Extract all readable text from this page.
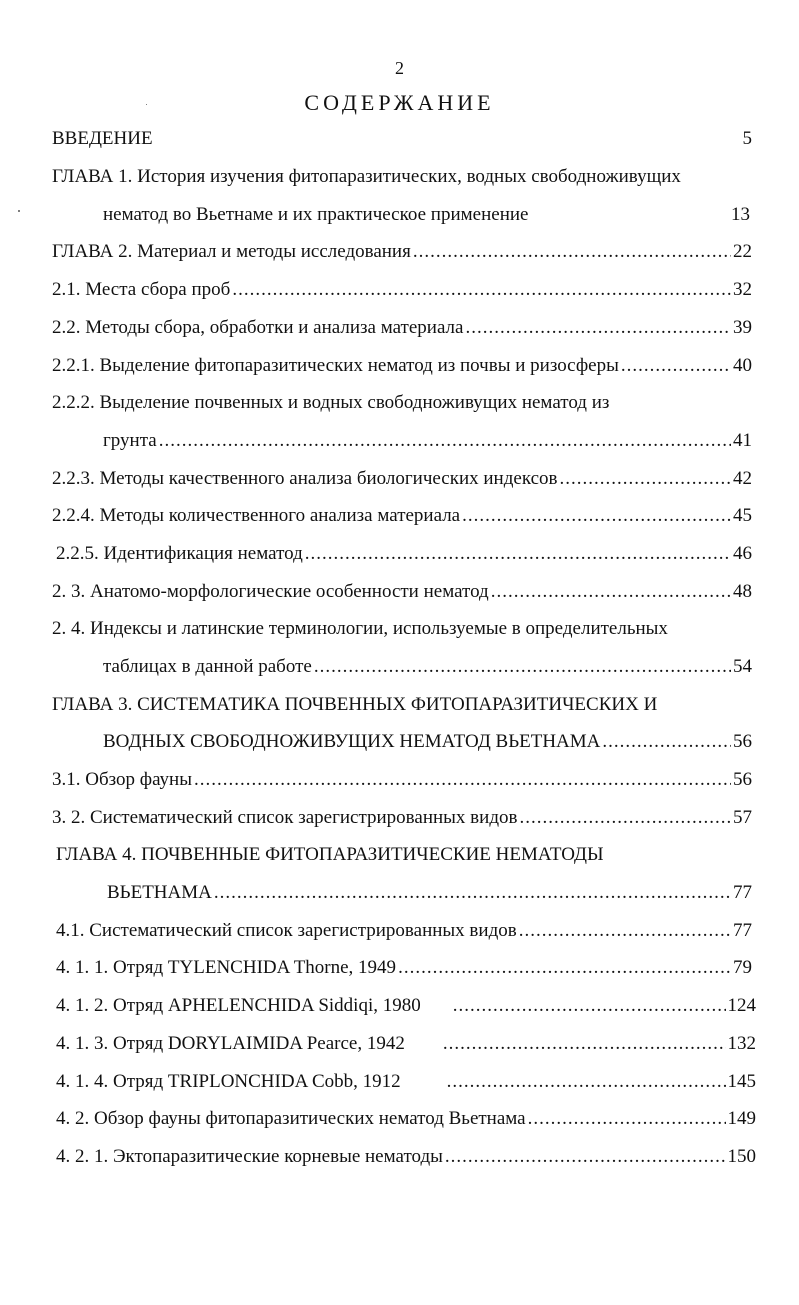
2
СОДЕРЖАНИЕ
ВВЕДЕНИЕ	5
ГЛАВА 1. История изучения фитопаразитических, водных свободноживущих
нематод во Вьетнаме и их практическое применение	13
ГЛАВА 2. Материал и методы исследования .....	22
2.1. Места сбора проб .....	32
2.2. Методы сбора, обработки и анализа материала .....	39
2.2.1. Выделение фитопаразитических нематод из почвы и ризосферы .....	40
2.2.2. Выделение почвенных и водных свободноживущих нематод из
грунта .....	41
2.2.3. Методы качественного анализа биологических индексов .....	42
2.2.4. Методы количественного анализа материала .....	45
2.2.5. Идентификация нематод .....	46
2. 3. Анатомо-морфологические особенности нематод .....	48
2. 4. Индексы и латинские терминологии, используемые в определительных
таблицах в данной работе .....	54
ГЛАВА 3. СИСТЕМАТИКА ПОЧВЕННЫХ ФИТОПАРАЗИТИЧЕСКИХ И
ВОДНЫХ СВОБОДНОЖИВУЩИХ НЕМАТОД ВЬЕТНАМА .....	56
3.1. Обзор фауны .....	56
3. 2. Систематический список зарегистрированных видов .....	57
ГЛАВА 4. ПОЧВЕННЫЕ ФИТОПАРАЗИТИЧЕСКИЕ НЕМАТОДЫ
ВЬЕТНАМА .....	77
4.1. Систематический список зарегистрированных видов .....	77
4. 1. 1. Отряд TYLENCHIDA Thorne, 1949 .....	79
4. 1. 2. Отряд APHELENCHIDA Siddiqi, 1980 .....	124
4. 1. 3. Отряд DORYLAIMIDA Pearce, 1942 .....	132
4. 1. 4. Отряд TRIPLONCHIDA Cobb, 1912 .....	145
4. 2. Обзор фауны фитопаразитических нематод Вьетнама .....	149
4. 2. 1. Эктопаразитические корневые нематоды .....	150
